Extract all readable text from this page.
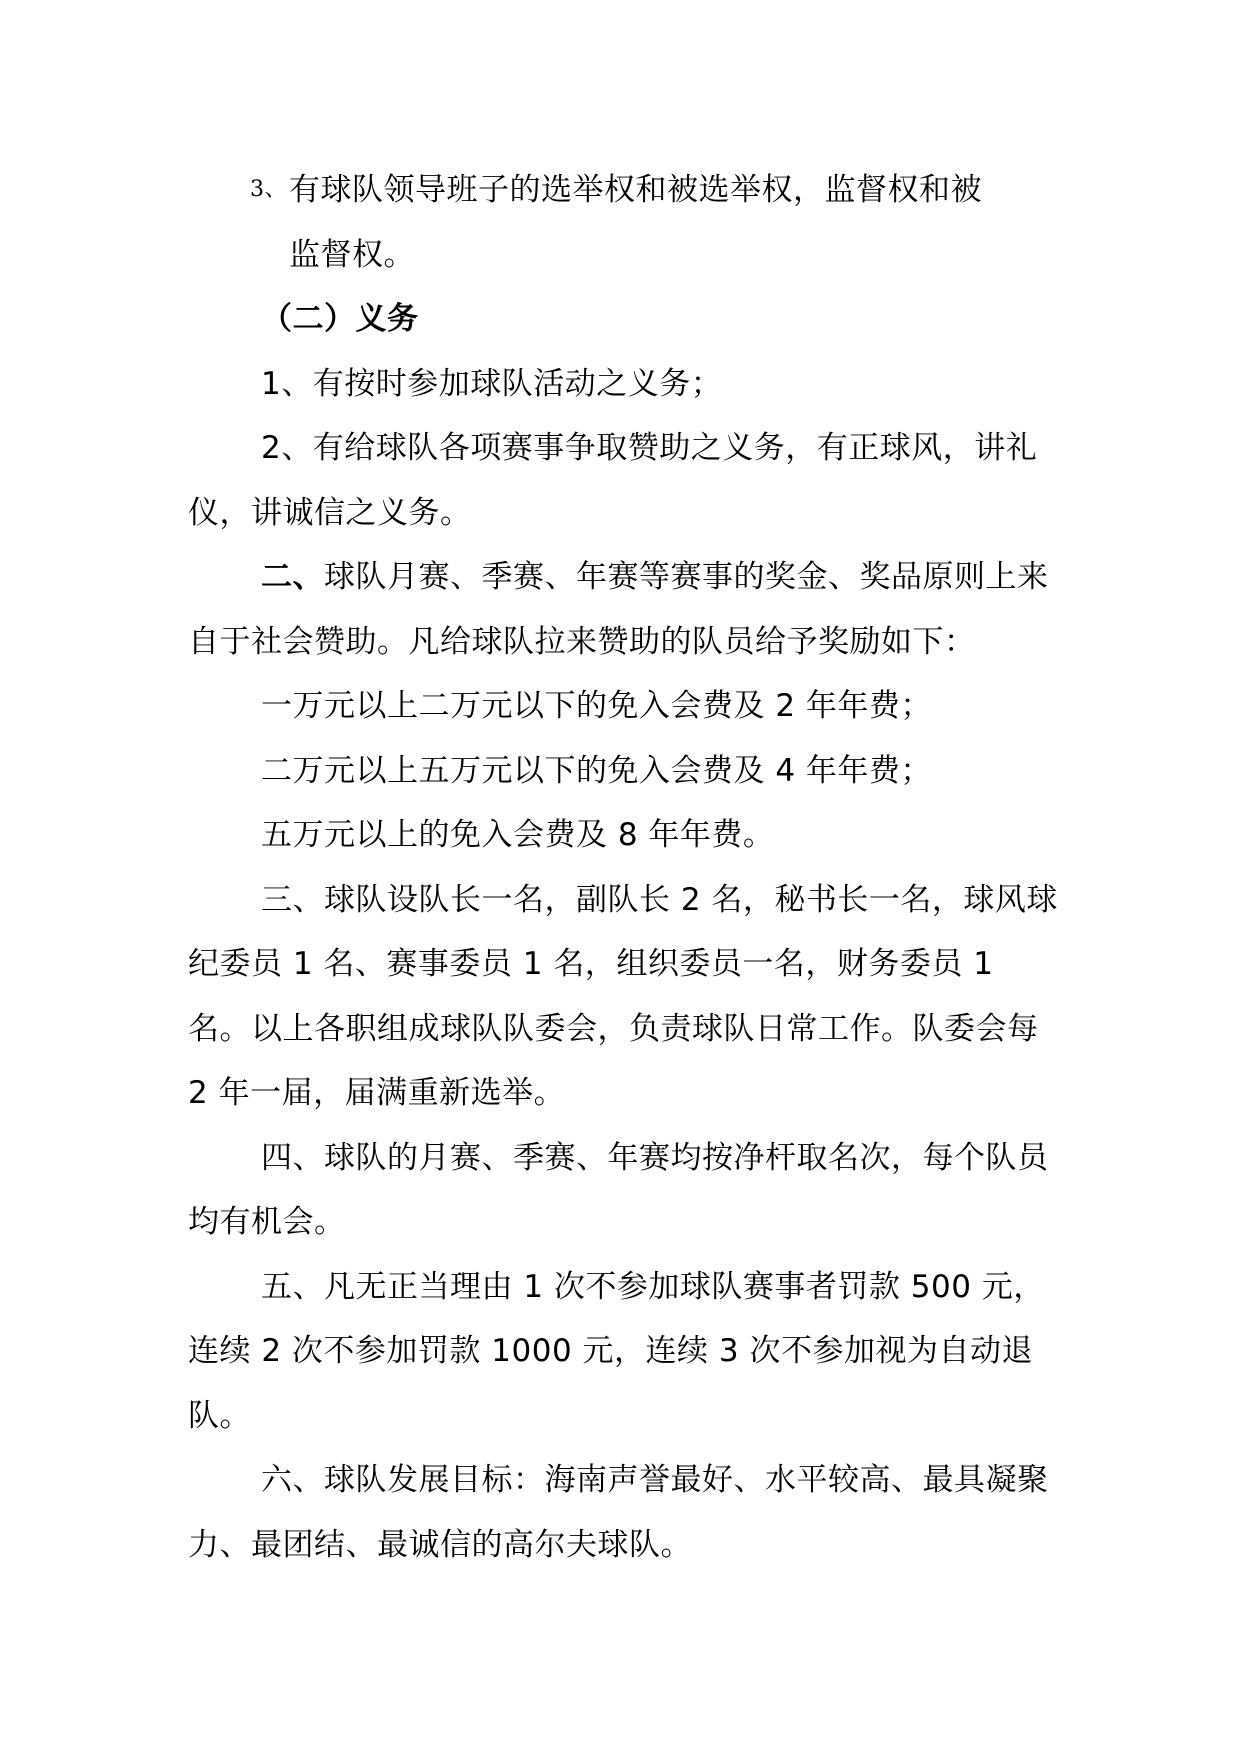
3、 有球队领导班子的选举权和被选举权，监督权和被

监督权。

（二）义务

1、有按时参加球队活动之义务；

2、有给球队各项赛事争取赞助之义务，有正球风，讲礼仪，讲诚信之义务。

二、球队月赛、季赛、年赛等赛事的奖金、奖品原则上来自于社会赞助。凡给球队拉来赞助的队员给予奖励如下：

一万元以上二万元以下的免入会费及 2 年年费；

二万元以上五万元以下的免入会费及 4 年年费；

五万元以上的免入会费及 8 年年费。

三、球队设队长一名，副队长 2 名，秘书长一名，球风球纪委员 1 名、赛事委员 1 名，组织委员一名，财务委员 1 名。以上各职组成球队队委会，负责球队日常工作。队委会每 2 年一届，届满重新选举。

四、球队的月赛、季赛、年赛均按净杆取名次，每个队员均有机会。

五、凡无正当理由 1 次不参加球队赛事者罚款 500 元，连续 2 次不参加罚款 1000 元，连续 3 次不参加视为自动退队。

六、球队发展目标：海南声誉最好、水平较高、最具凝聚力、最团结、最诚信的高尔夫球队。
